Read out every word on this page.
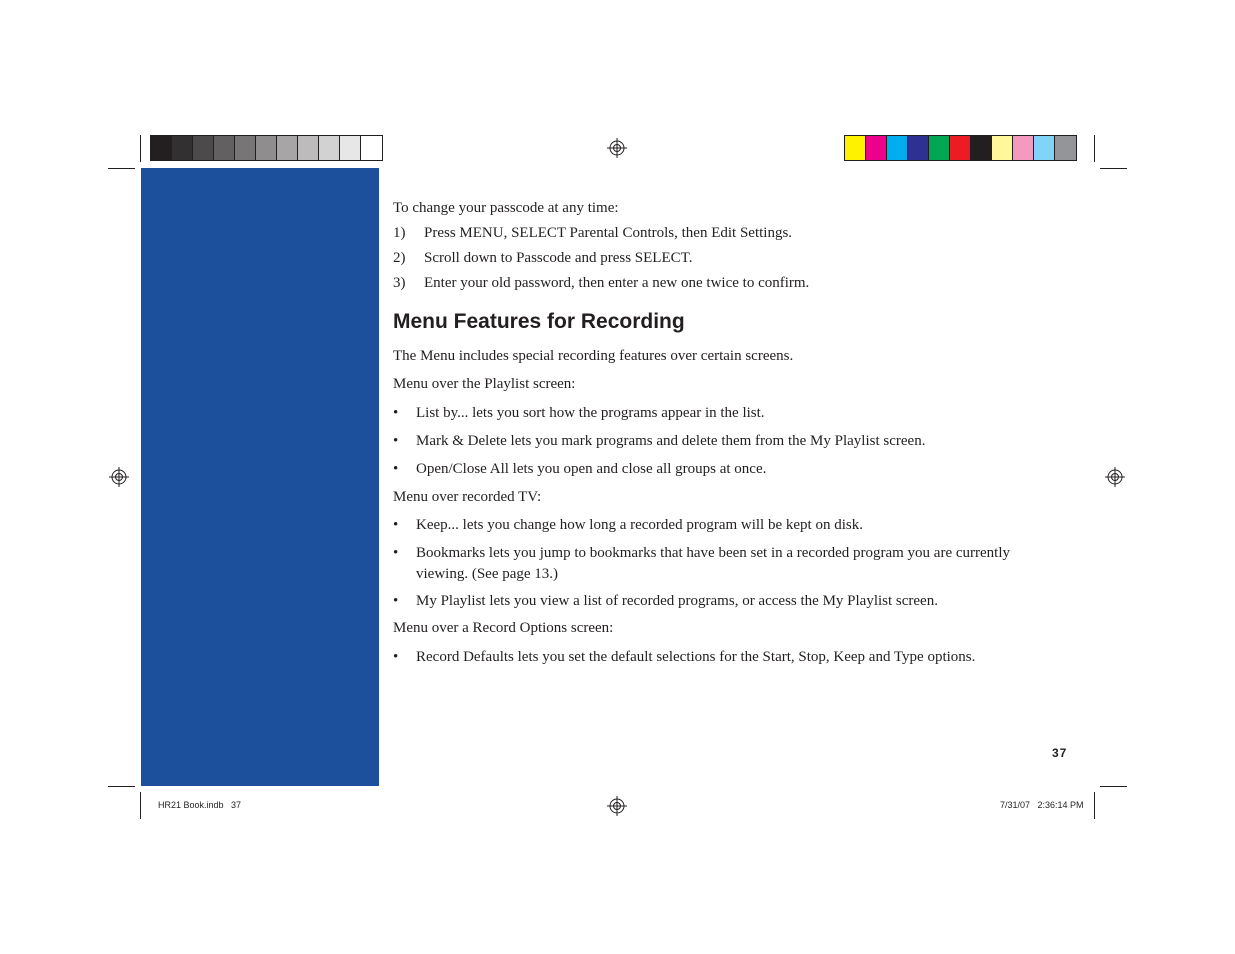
To change your passcode at any time:

1) Press MENU, SELECT Parental Controls, then Edit Settings.

2) Scroll down to Passcode and press SELECT.

3) Enter your old password, then enter a new one twice to confirm.

Menu Features for Recording

The Menu includes special recording features over certain screens.

Menu over the Playlist screen:

• List by... lets you sort how the programs appear in the list.

• Mark & Delete lets you mark programs and delete them from the My Playlist screen.

• Open/Close All lets you open and close all groups at once.

Menu over recorded TV:

• Keep... lets you change how long a recorded program will be kept on disk.

• Bookmarks lets you jump to bookmarks that have been set in a recorded program you are currently viewing. (See page 13.)

• My Playlist lets you view a list of recorded programs, or access the My Playlist screen.

Menu over a Record Options screen:

• Record Defaults lets you set the default selections for the Start, Stop, Keep and Type options.

37
HR21 Book.indb   37	7/31/07   2:36:14 PM
